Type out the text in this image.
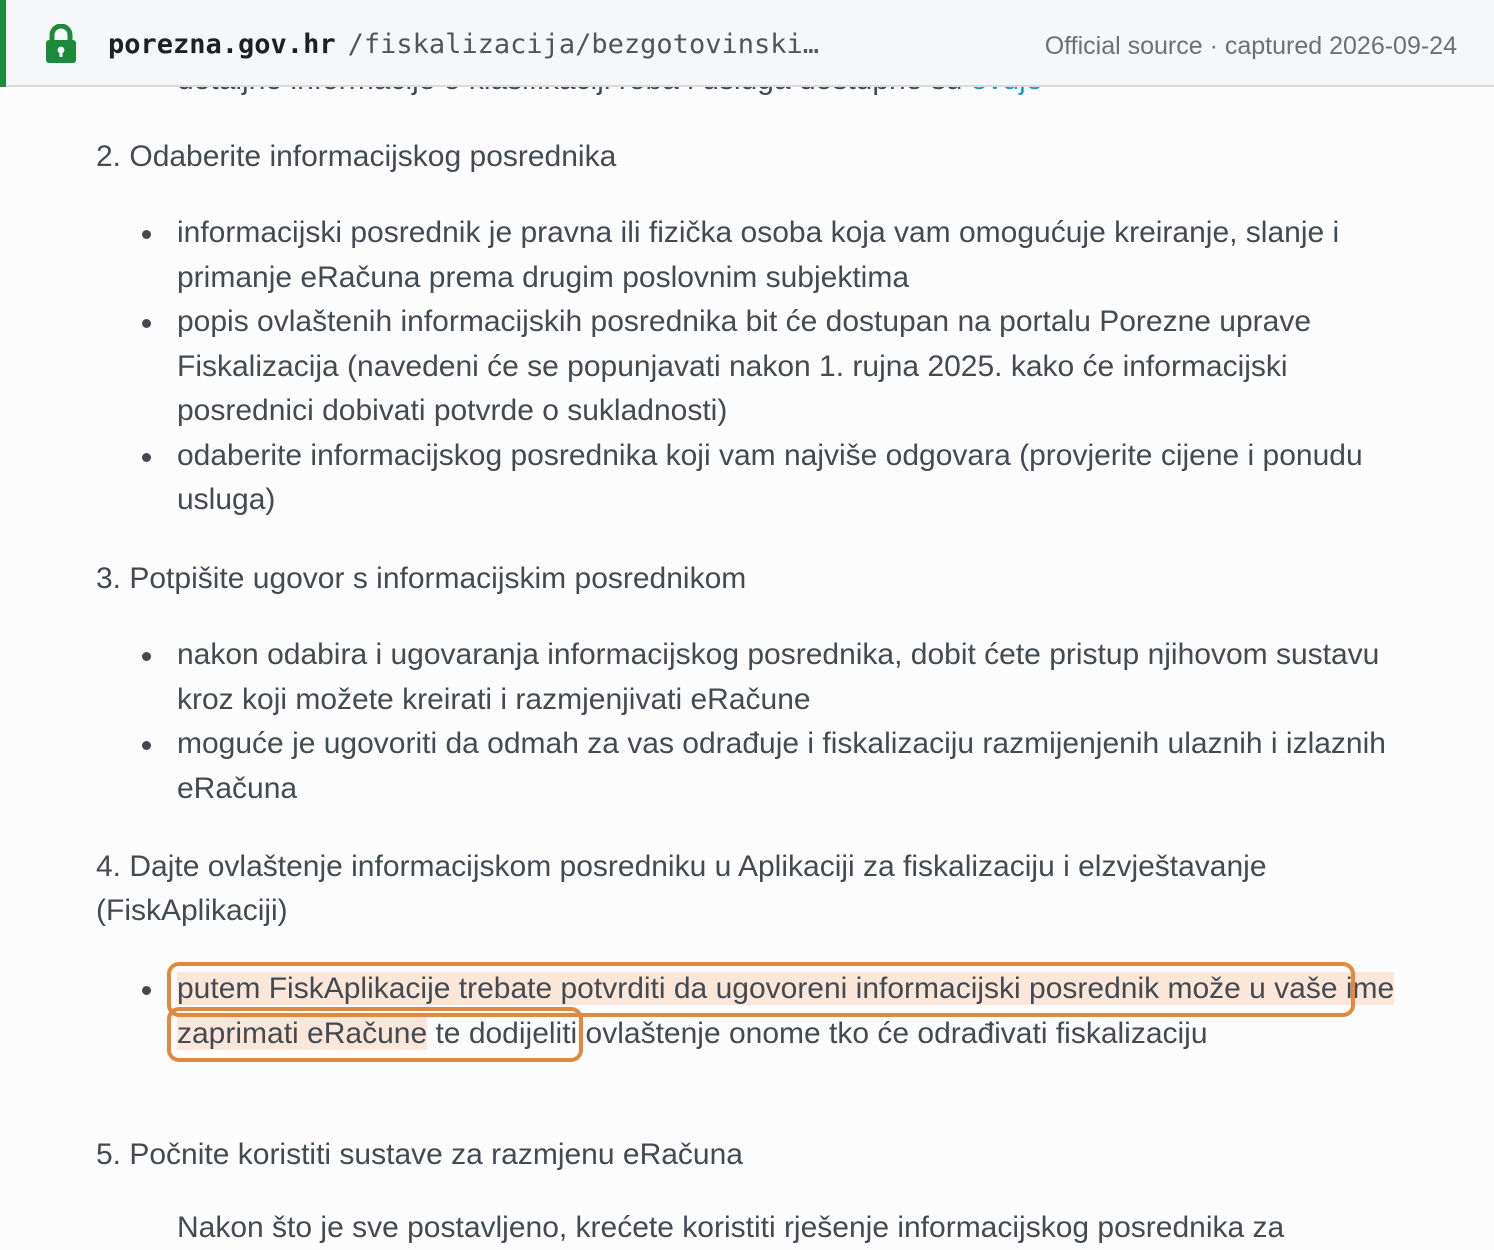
2. Odaberite informacijskog posrednika

informacijski posrednik je pravna ili fizička osoba koja vam omogućuje kreiranje, slanje i primanje eRačuna prema drugim poslovnim subjektima
popis ovlaštenih informacijskih posrednika bit će dostupan na portalu Porezne uprave Fiskalizacija (navedeni će se popunjavati nakon 1. rujna 2025. kako će informacijski posrednici dobivati potvrde o sukladnosti)
odaberite informacijskog posrednika koji vam najviše odgovara (provjerite cijene i ponudu usluga)

3. Potpišite ugovor s informacijskim posrednikom

nakon odabira i ugovaranja informacijskog posrednika, dobit ćete pristup njihovom sustavu kroz koji možete kreirati i razmjenjivati eRačune
moguće je ugovoriti da odmah za vas odrađuje i fiskalizaciju razmijenjenih ulaznih i izlaznih eRačuna

4. Dajte ovlaštenje informacijskom posredniku u Aplikaciji za fiskalizaciju i elzvještavanje (FiskAplikaciji)

putem FiskAplikacije trebate potvrditi da ugovoreni informacijski posrednik može u vaše ime zaprimati eRačune te dodijeliti ovlaštenje onome tko će odrađivati fiskalizaciju

5. Počnite koristiti sustave za razmjenu eRačuna

Nakon što je sve postavljeno, krećete koristiti rješenje informacijskog posrednika za
porezna.gov.hr /fiskalizacija/bezgotovinski…	Official source · captured 2026-09-24
